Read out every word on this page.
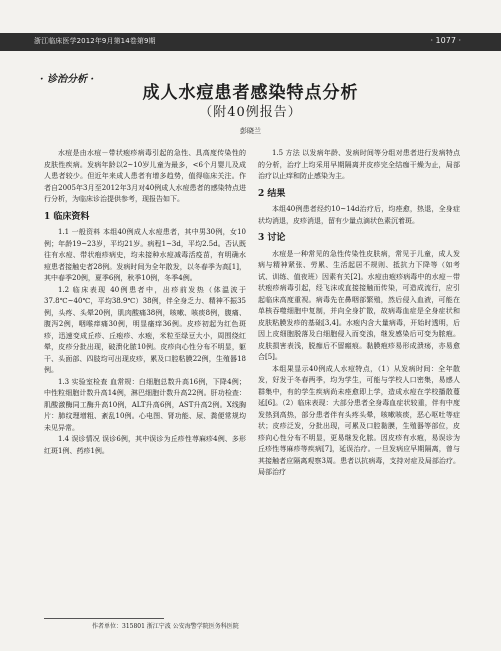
浙江临床医学2012年9月第14卷第9期	· 1077 ·
· 诊治分析 ·
成人水痘患者感染特点分析
（附40例报告）
彭晓兰

水痘是由水痘－带状疱疹病毒引起的急性、具高度传染性的皮肤性疾病。发病年龄以2~10岁儿童为最多，<6个月婴儿及成人患者较少。但近年来成人患者有增多趋势，值得临床关注。作者自2005年3月至2012年3月对40例成人水痘患者的感染特点进行分析，为临床诊治提供参考，现报告如下。

1 临床资料

1.1 一般资料 本组40例成人水痘患者，其中男30例，女10例；年龄19~23岁，平均21岁。病程1~3d，平均2.5d。否认既往有水痘、带状疱疹病史，均未接种水痘减毒活疫苗，有明确水痘患者接触史者28例。发病时间为全年散发，以冬春季为高[1]，其中春季20例，夏季6例，秋季10例，冬季4例。

1.2 临床表现 40例患者中，出疹前发热（体温波于37.8℃~40℃，平均38.9℃）38例，伴全身乏力、精神不振35例，头疼、头晕20例，肌肉酸痛38例，咳嗽、咳痰8例，腹痛、腹泻2例，咽喉痒痛30例，明显瘙痒36例。皮疹初起为红色斑疹，迅速变成丘疹、丘疱疹、水疱，米粒至绿豆大小，周围绕红晕，皮疹分批出现，破溃化脓10例。皮疹向心性分布不明显，躯干、头面部、四肢均可出现皮疹，累及口腔粘膜22例，生殖器18例。

1.3 实验室检查 血常规：白细胞总数升高16例，下降4例；中性粒细胞计数升高14例，淋巴细胞计数升高22例。肝功检查：肌酸激酶同工酶升高10例，ALT升高6例，AST升高2例。X线胸片：肺纹理增粗、紊乱10例。心电图、肾功能、尿、粪便常规均未见异常。

1.4 误诊情况 误诊6例，其中误诊为丘疹性荨麻疹4例、多形红斑1例、药疹1例。

1.5 方法 以发病年龄、发病时间等分组对患者进行发病特点的分析，治疗上均采用早期隔离并皮疹完全结痂干燥为止，局部治疗以止痒和防止感染为主。

2 结果

本组40例患者经约10~14d治疗后，均痊愈，热退，全身症状均消退，皮疹消退，留有少量点滴状色素沉着斑。

3 讨论

水痘是一种常见的急性传染性皮肤病，常见于儿童，成人发病与精神紧张、劳累、生活起居不规则、抵抗力下降等（如考试、训练、值夜班）因素有关[2]。水痘由疱疹病毒中的水痘－带状疱疹病毒引起，经飞沫或直接接触而传染，可造成流行，应引起临床高度重视。病毒先在鼻咽部繁殖，然后侵入血液，可能在单核吞噬细胞中复制，并向全身扩散，故病毒血症是全身症状和皮肤粘膜发疹的基础[3,4]。水疱内含大量病毒，开始时透明，后因上皮细胞脱落及白细胞侵入而变浊，继发感染后可变为脓疱。皮肤损害表浅，脱痂后不留瘢痕。黏膜疱疹易形成溃疡，亦易愈合[5]。

本组果显示40例成人水痘特点，（1）从发病时间：全年散发，好发于冬春两季，均为学生，可能与学校人口密集，易感人群集中，有的学生疾病尚未痊愈即上学，造成水痘在学校播散蔓延[6]。（2）临床表现：大部分患者全身毒血症状较重，伴有中度发热到高热，部分患者伴有头疼头晕，咳嗽咳痰，恶心呕吐等症状；皮疹泛发，分批出现，可累及口腔黏膜，生殖器等部位，皮疹向心性分布不明显，更易继发化脓。因皮疹有水疱，易误诊为丘疹性荨麻疹等疾病[7]，延误治疗。一旦发病应早期隔离，曾与其接触者应隔离观察3周。患者以抗病毒，支持对症及局部治疗。局部治疗

作者单位：315801 浙江宁波 公安海警学院医务科医院
